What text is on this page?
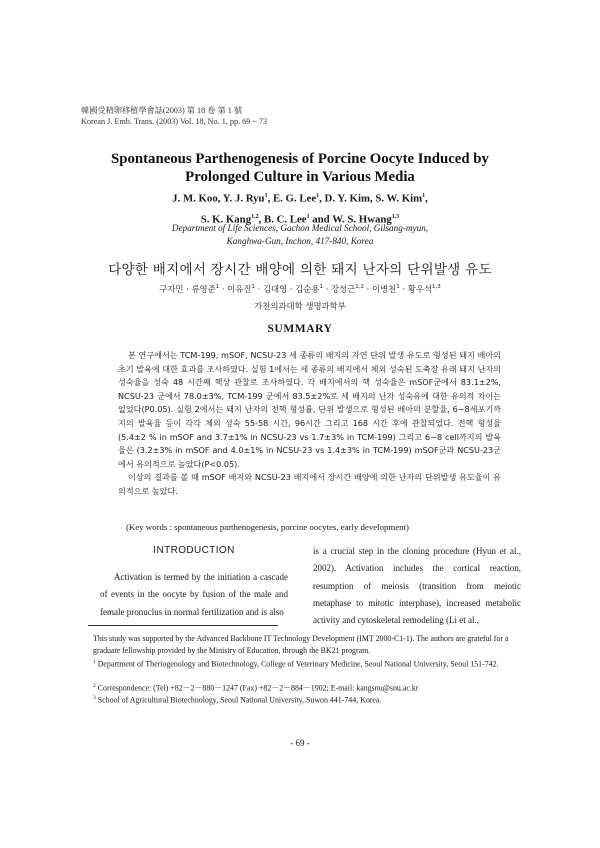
韓國受精卵移植學會誌(2003) 第 18 卷 第 1 號
Korean J. Emb. Trans. (2003) Vol. 18, No. 1, pp. 69 ~ 73
Spontaneous Parthenogenesis of Porcine Oocyte Induced by
Prolonged Culture in Various Media
J. M. Koo, Y. J. Ryu$^1$, E. G. Lee$^1$, D. Y. Kim, S. W. Kim$^1$,
S. K. Kang$^{1,2}$, B. C. Lee$^1$ and W. S. Hwang$^{1,3}$
Department of Life Sciences, Gachon Medical School, Gilsang-myun,
Kanghwa-Gun, Inchon, 417-840, Korea
다양한 배지에서 장시간 배양에 의한 돼지 난자의 단위발생 유도
구자민 · 류영준$^1$ · 이유진$^1$ · 김대영 · 김순용$^1$ · 강성근$^{1,2}$ · 이병천$^1$ · 황우석$^{1,3}$
가천의과대학 생명과학부
SUMMARY

본 연구에서는 TCM-199, mSOF, NCSU-23 세 종류의 배지의 자연 단위 발생 유도로 형성된 돼지 배아의 초기 발육에 대한 효과를 조사하였다. 실험 1에서는 세 종류의 배지에서 체외 성숙된 도축장 유래 돼지 난자의 성숙율을 성숙 48 시간째 핵상 관찰로 조사하였다. 각 배지에서의 핵 성숙율은 mSOF군에서 83.1±2%, NCSU-23 군에서 78.0±3%, TCM-199 군에서 83.5±2%로 세 배지의 난자 성숙유에 대한 유의적 차이는 없었다(P0.05). 실험 2에서는 돼지 난자의 전핵 형성률, 단위 발생으로 형성된 배아의 분할율, 6∼8세포기까지의 발육율 등이 각각 체외 성숙 55-58 시간, 96시간 그리고 168 시간 후에 관찰되었다. 전핵 형성율 (5.4±2 % in mSOF and 3.7±1% in NCSU-23 vs 1.7±3% in TCM-199) 그리고 6∼8 cell까지의 발육율은 (3.2±3% in mSOF and 4.0±1% in NCSU-23 vs 1.4±3% in TCM-199) mSOF군과 NCSU-23군에서 유의적으로 높았다(P<0.05).

이상의 결과를 볼 때 mSOF 배지와 NCSU-23 배지에서 장시간 배양에 의한 난자의 단위발생 유도율이 유의적으로 높았다.

(Key words : spontaneous parthenogenesis, porcine oocytes, early development)
INTRODUCTION
Activation is termed by the initiation a cascade of events in the oocyte by fusion of the male and female pronuclus in normal fertilization and is also
is a crucial step in the cloning procedure (Hyun et al., 2002). Activation includes the cortical reaction, resumption of meiosis (transition from meiotic metaphase to mitotic interphase), increased metabolic activity and cytoskeletal remodeling (Li et al.,
This study was supported by the Advanced Backbone IT Technology Development (IMT 2000-C1-1). The authors are grateful for a graduate fellowship provided by the Ministry of Education, through the BK21 program.
$^1$ Department of Theriogenology and Biotechnology, College of Veterinary Medicine, Seoul National University, Seoul 151-742.
$^2$ Correspondence: (Tel) +82－2－880－1247 (Fax) +82－2－884－1902; E-mail: kangsnu@snu.ac.kr
$^3$ School of Agricultural Biotechnology, Seoul National University, Suwon 441-744, Korea.
- 69 -
